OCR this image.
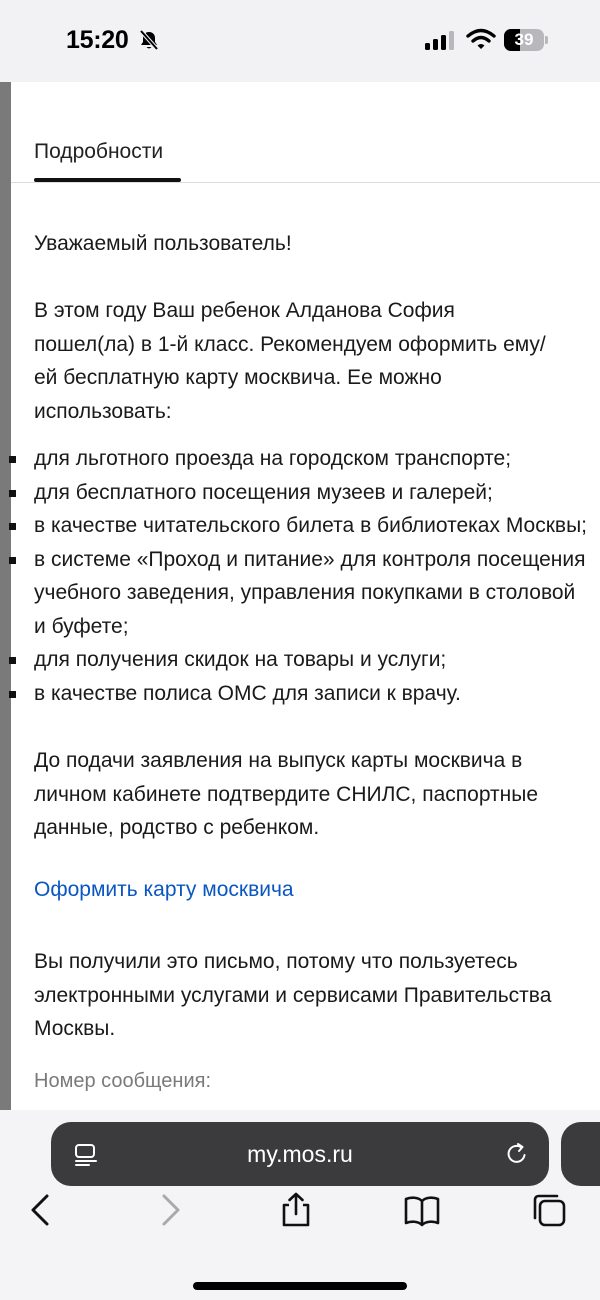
15:20	39
Подробности

Уважаемый пользователь!

В этом году Ваш ребенок Алданова София пошел(ла) в 1-й класс. Рекомендуем оформить ему/ей бесплатную карту москвича. Ее можно использовать:

для льготного проезда на городском транспорте;
для бесплатного посещения музеев и галерей;
в качестве читательского билета в библиотеках Москвы;
в системе «Проход и питание» для контроля посещения учебного заведения, управления покупками в столовой и буфете;
для получения скидок на товары и услуги;
в качестве полиса ОМС для записи к врачу.

До подачи заявления на выпуск карты москвича в личном кабинете подтвердите СНИЛС, паспортные данные, родство с ребенком.

Оформить карту москвича

Вы получили это письмо, потому что пользуетесь электронными услугами и сервисами Правительства Москвы.

Номер сообщения:
my.mos.ru
